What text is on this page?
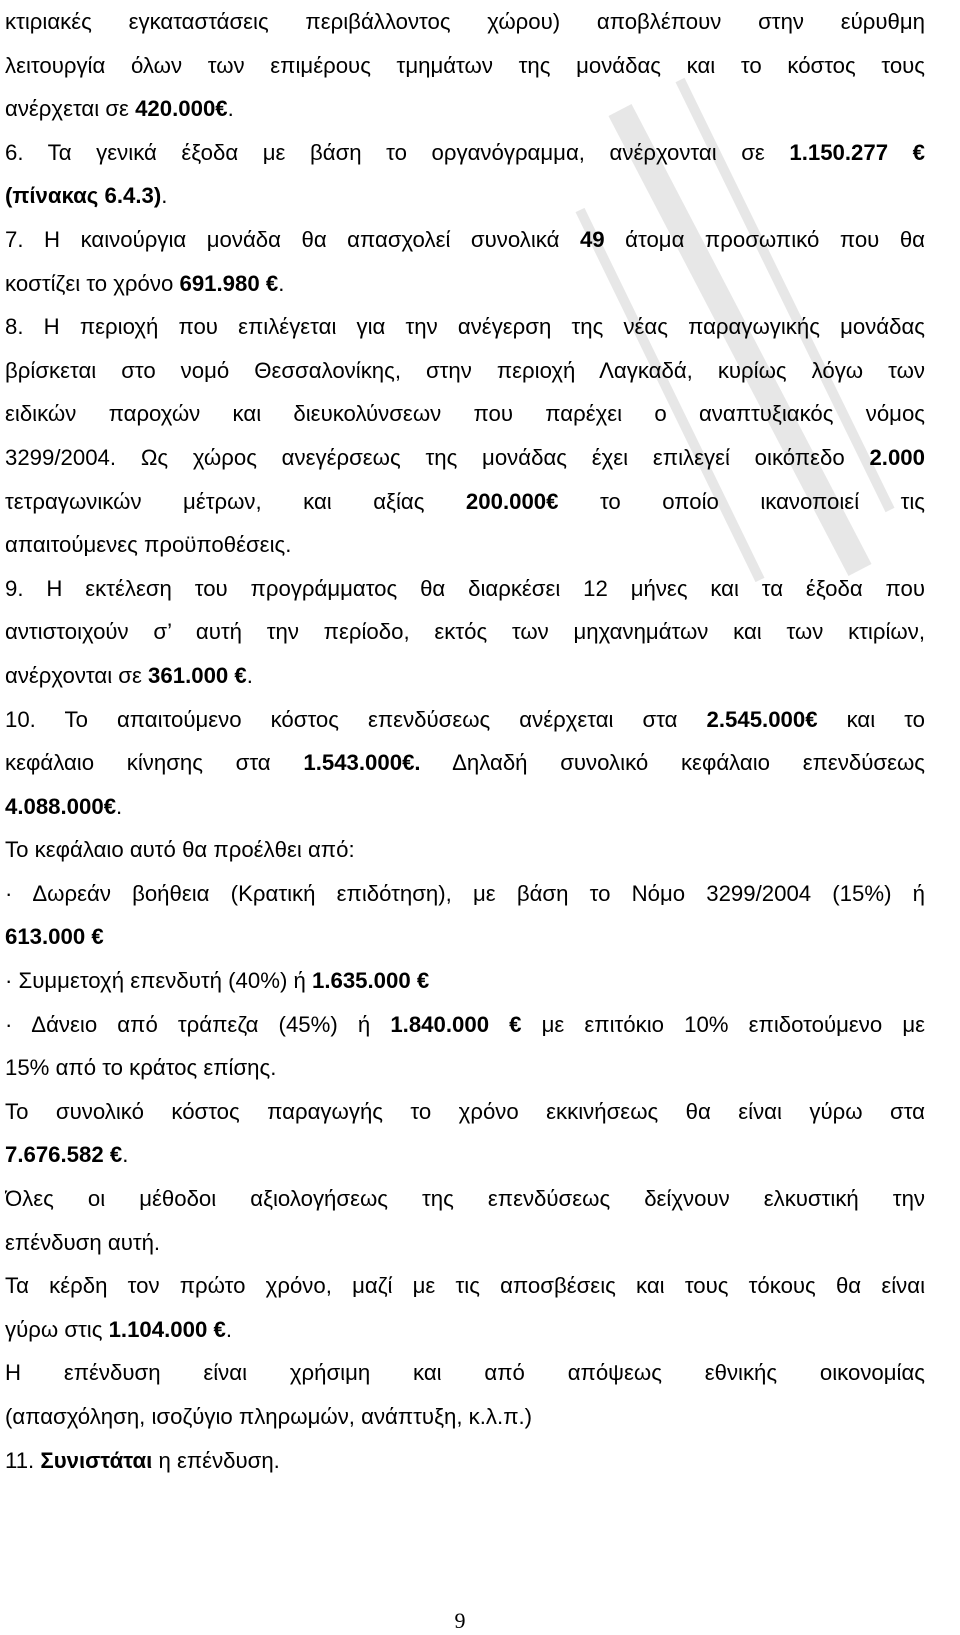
κτιριακές εγκαταστάσεις περιβάλλοντος χώρου) αποβλέπουν στην εύρυθμη
λειτουργία όλων των επιμέρους τμημάτων της μονάδας και το κόστος τους
ανέρχεται σε 420.000€.
6. Τα γενικά έξοδα με βάση το οργανόγραμμα, ανέρχονται σε 1.150.277 €
(πίνακας 6.4.3).
7. Η καινούργια μονάδα θα απασχολεί συνολικά 49 άτομα προσωπικό που θα
κοστίζει το χρόνο 691.980 €.
8. Η περιοχή που επιλέγεται για την ανέγερση της νέας παραγωγικής μονάδας
βρίσκεται στο νομό Θεσσαλονίκης, στην περιοχή Λαγκαδά, κυρίως λόγω των
ειδικών παροχών και διευκολύνσεων που παρέχει ο αναπτυξιακός νόμος
3299/2004. Ως χώρος ανεγέρσεως της μονάδας έχει επιλεγεί οικόπεδο 2.000
τετραγωνικών μέτρων, και αξίας 200.000€ το οποίο ικανοποιεί τις
απαιτούμενες προϋποθέσεις.
9. Η εκτέλεση του προγράμματος θα διαρκέσει 12 μήνες και τα έξοδα που
αντιστοιχούν σ’ αυτή την περίοδο, εκτός των μηχανημάτων και των κτιρίων,
ανέρχονται σε 361.000 €.
10. Το απαιτούμενο κόστος επενδύσεως ανέρχεται στα 2.545.000€ και το
κεφάλαιο κίνησης στα 1.543.000€. Δηλαδή συνολικό κεφάλαιο επενδύσεως
4.088.000€.
Το κεφάλαιο αυτό θα προέλθει από:
· Δωρεάν βοήθεια (Κρατική επιδότηση), με βάση το Νόμο 3299/2004 (15%) ή
613.000 €
· Συμμετοχή επενδυτή (40%) ή 1.635.000 €
· Δάνειο από τράπεζα (45%) ή 1.840.000 € με επιτόκιο 10% επιδοτούμενο με
15% από το κράτος επίσης.
Το συνολικό κόστος παραγωγής το χρόνο εκκινήσεως θα είναι γύρω στα
7.676.582 €.
Όλες οι μέθοδοι αξιολογήσεως της επενδύσεως δείχνουν ελκυστική την
επένδυση αυτή.
Τα κέρδη τον πρώτο χρόνο, μαζί με τις αποσβέσεις και τους τόκους θα είναι
γύρω στις 1.104.000 €.
Η επένδυση είναι χρήσιμη και από απόψεως εθνικής οικονομίας
(απασχόληση, ισοζύγιο πληρωμών, ανάπτυξη, κ.λ.π.)
11. Συνιστάται η επένδυση.
9
